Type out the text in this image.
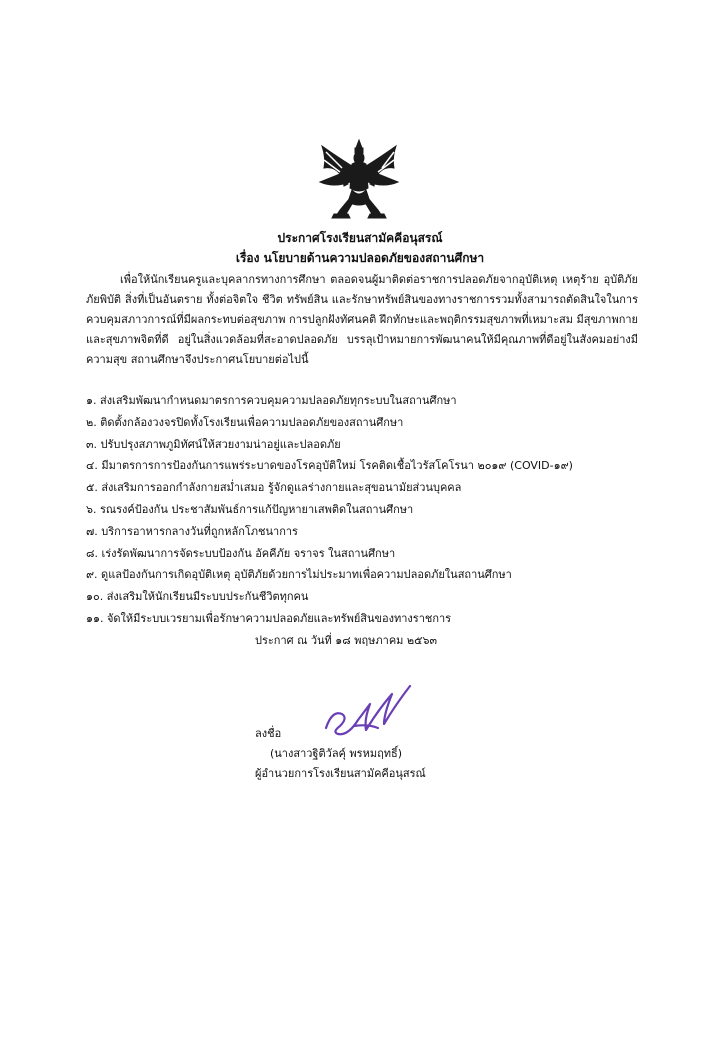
ประกาศโรงเรียนสามัคคีอนุสรณ์
เรื่อง นโยบายด้านความปลอดภัยของสถานศึกษา

เพื่อให้นักเรียนครูและบุคลากรทางการศึกษา ตลอดจนผู้มาติดต่อราชการปลอดภัยจากอุบัติเหตุ เหตุร้าย อุบัติภัย ภัยพิบัติ สิ่งที่เป็นอันตราย ทั้งต่อจิตใจ ชีวิต ทรัพย์สิน และรักษาทรัพย์สินของทางราชการรวมทั้งสามารถตัดสินใจในการควบคุมสภาวการณ์ที่มีผลกระทบต่อสุขภาพ การปลูกฝังทัศนคติ ฝึกทักษะและพฤติกรรมสุขภาพที่เหมาะสม มีสุขภาพกายและสุขภาพจิตที่ดี อยู่ในสิ่งแวดล้อมที่สะอาดปลอดภัย บรรลุเป้าหมายการพัฒนาคนให้มีคุณภาพที่ดีอยู่ในสังคมอย่างมีความสุข สถานศึกษาจึงประกาศนโยบายต่อไปนี้

๑. ส่งเสริมพัฒนากำหนดมาตรการควบคุมความปลอดภัยทุกระบบในสถานศึกษา
๒. ติดตั้งกล้องวงจรปิดทั้งโรงเรียนเพื่อความปลอดภัยของสถานศึกษา
๓. ปรับปรุงสภาพภูมิทัศน์ให้สวยงามน่าอยู่และปลอดภัย
๔. มีมาตรการการป้องกันการแพร่ระบาดของโรคอุบัติใหม่ โรคติดเชื้อไวรัสโคโรนา ๒๐๑๙ (COVID-๑๙)
๕. ส่งเสริมการออกกำลังกายสม่ำเสมอ รู้จักดูแลร่างกายและสุขอนามัยส่วนบุคคล
๖. รณรงค์ป้องกัน ประชาสัมพันธ์การแก้ปัญหายาเสพติดในสถานศึกษา
๗. บริการอาหารกลางวันที่ถูกหลักโภชนาการ
๘. เร่งรัดพัฒนาการจัดระบบป้องกัน อัคคีภัย จราจร ในสถานศึกษา
๙. ดูแลป้องกันการเกิดอุบัติเหตุ อุบัติภัยด้วยการไม่ประมาทเพื่อความปลอดภัยในสถานศึกษา
๑๐. ส่งเสริมให้นักเรียนมีระบบประกันชีวิตทุกคน
๑๑. จัดให้มีระบบเวรยามเพื่อรักษาความปลอดภัยและทรัพย์สินของทางราชการ
ประกาศ ณ วันที่ ๑๘ พฤษภาคม ๒๕๖๓
ลงชื่อ
(นางสาวฐิติวัลคุ์ พรหมฤทธิ์)
ผู้อำนวยการโรงเรียนสามัคคีอนุสรณ์
